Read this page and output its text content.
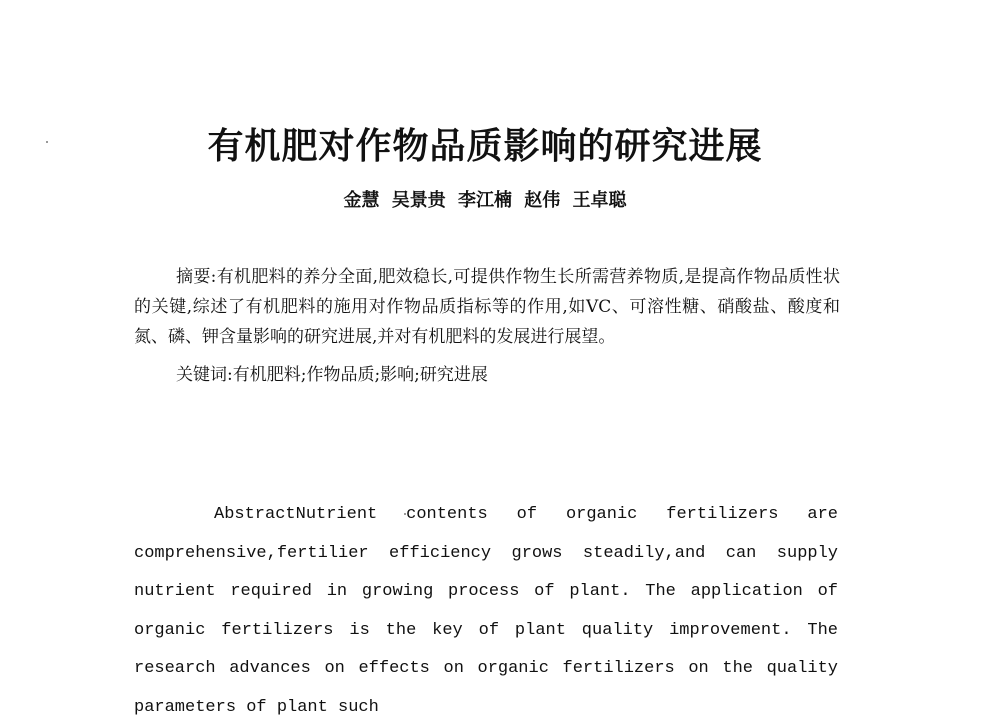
有机肥对作物品质影响的研究进展
金慧 吴景贵 李江楠 赵伟 王卓聪

摘要:有机肥料的养分全面,肥效稳长,可提供作物生长所需营养物质,是提高作物品质性状的关键,综述了有机肥料的施用对作物品质指标等的作用,如VC、可溶性糖、硝酸盐、酸度和氮、磷、钾含量影响的研究进展,并对有机肥料的发展进行展望。

关键词:有机肥料;作物品质;影响;研究进展

AbstractNutrient contents of organic fertilizers are comprehensive,fertilier efficiency grows steadily,and can supply nutrient required in growing process of plant. The application of organic fertilizers is the key of plant quality improvement. The research advances on effects on organic fertilizers on the quality parameters of plant such
